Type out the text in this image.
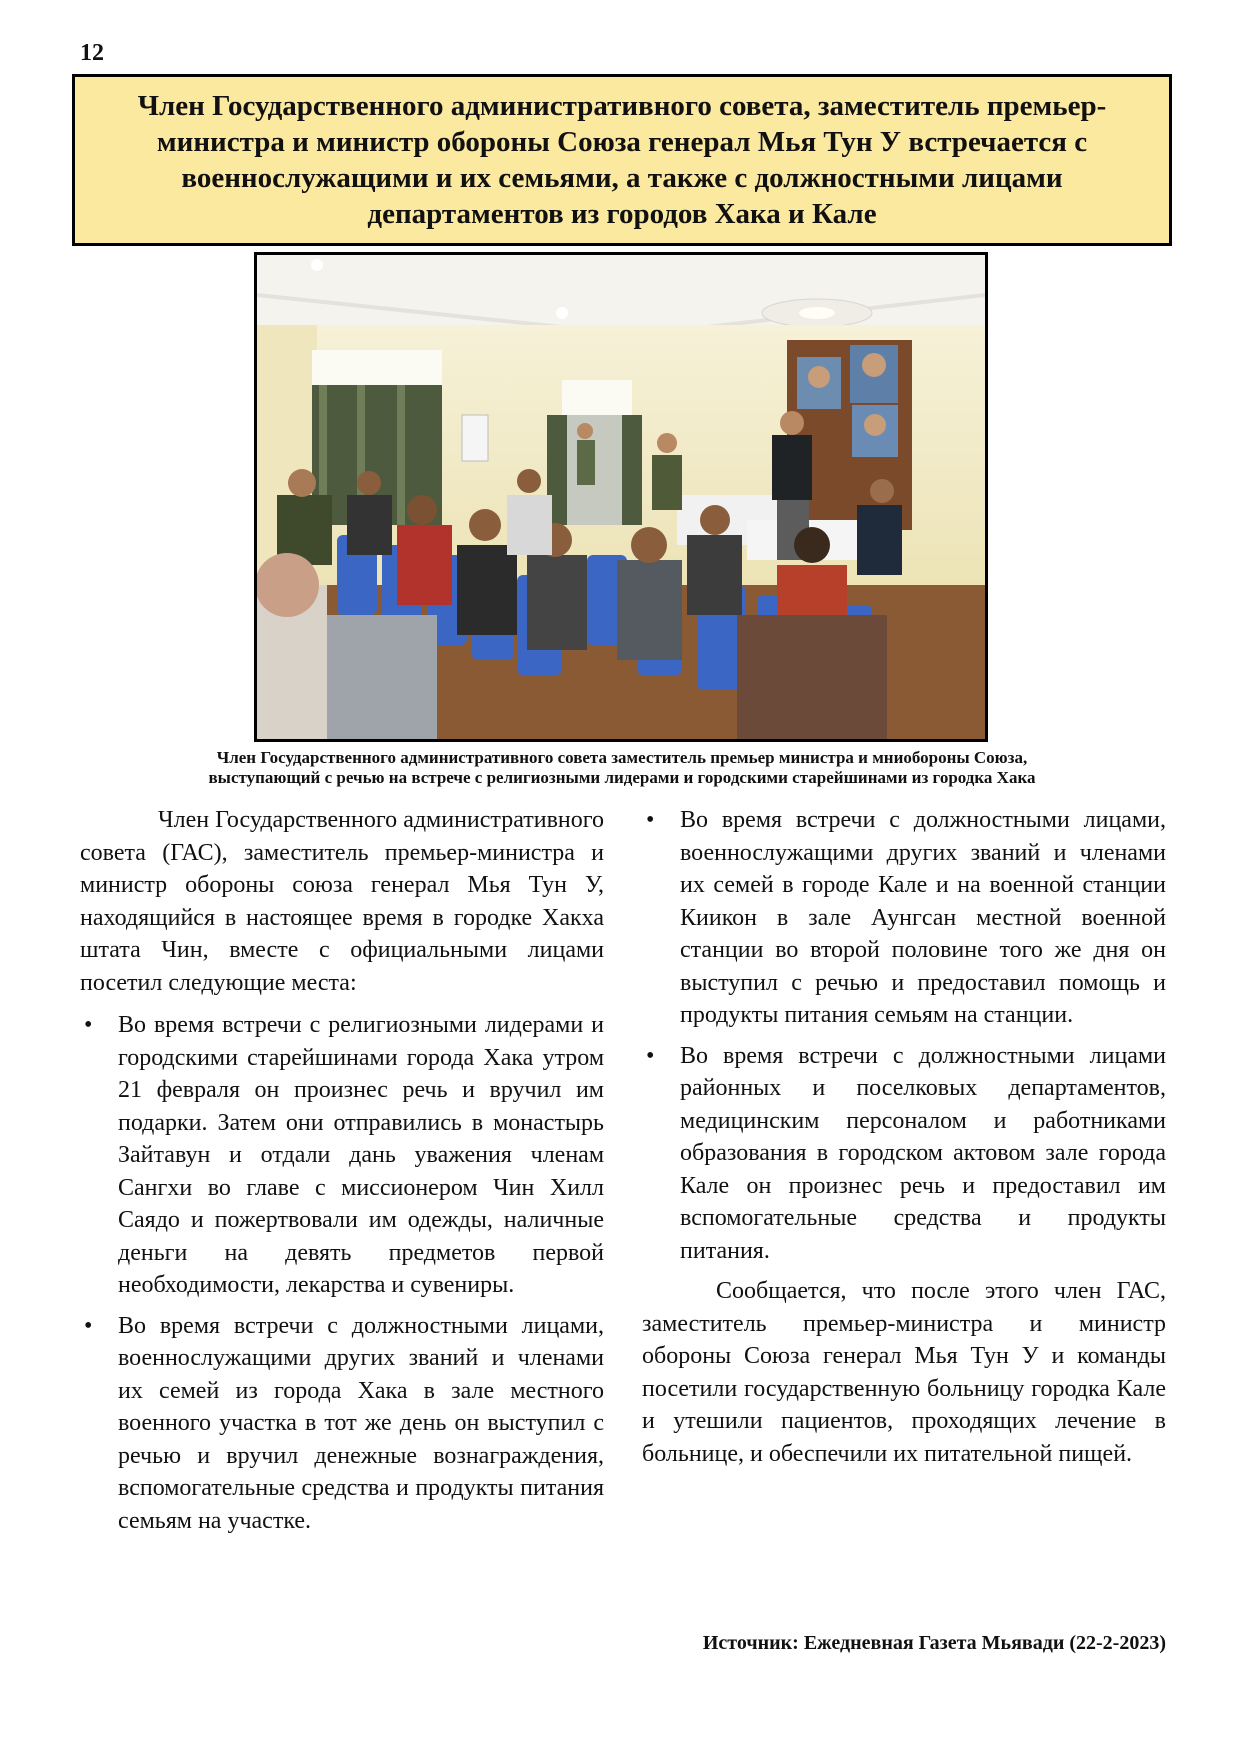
12
Член Государственного административного совета, заместитель премьер-министра и министр обороны Союза генерал Мья Тун У встречается с военнослужащими и их семьями, а также с должностными лицами департаментов из городов Хака и Кале
Член Государственного административного совета заместитель премьер министра и мниобороны Союза,
выступающий с речью на встрече с религиозными лидерами и городскими старейшинами из городка Хака

Член Государственного административного совета (ГАС), заместитель премьер-министра и министр обороны союза генерал Мья Тун У, находящийся в настоящее время в городке Хакха штата Чин, вместе с официальными лицами посетил следующие места:

• Во время встречи с религиозными лидерами и городскими старейшинами города Хака утром 21 февраля он произнес речь и вручил им подарки. Затем они отправились в монастырь Зайтавун и отдали дань уважения членам Сангхи во главе с миссионером Чин Хилл Саядо и пожертвовали им одежды, наличные деньги на девять предметов первой необходимости, лекарства и сувениры.
• Во время встречи с должностными лицами, военнослужащими других званий и членами их семей из города Хака в зале местного военного участка в тот же день он выступил с речью и вручил денежные вознаграждения, вспомогательные средства и продукты питания семьям на участке.
• Во время встречи с должностными лицами, военнослужащими других званий и членами их семей в городе Кале и на военной станции Киикон в зале Аунгсан местной военной станции во второй половине того же дня он выступил с речью и предоставил помощь и продукты питания семьям на станции.
• Во время встречи с должностными лицами районных и поселковых департаментов, медицинским персоналом и работниками образования в городском актовом зале города Кале он произнес речь и предоставил им вспомогательные средства и продукты питания.

Сообщается, что после этого член ГАС, заместитель премьер-министра и министр обороны Союза генерал Мья Тун У и команды посетили государственную больницу городка Кале и утешили пациентов, проходящих лечение в больнице, и обеспечили их питательной пищей.

Источник: Ежедневная Газета Мьявади (22-2-2023)
